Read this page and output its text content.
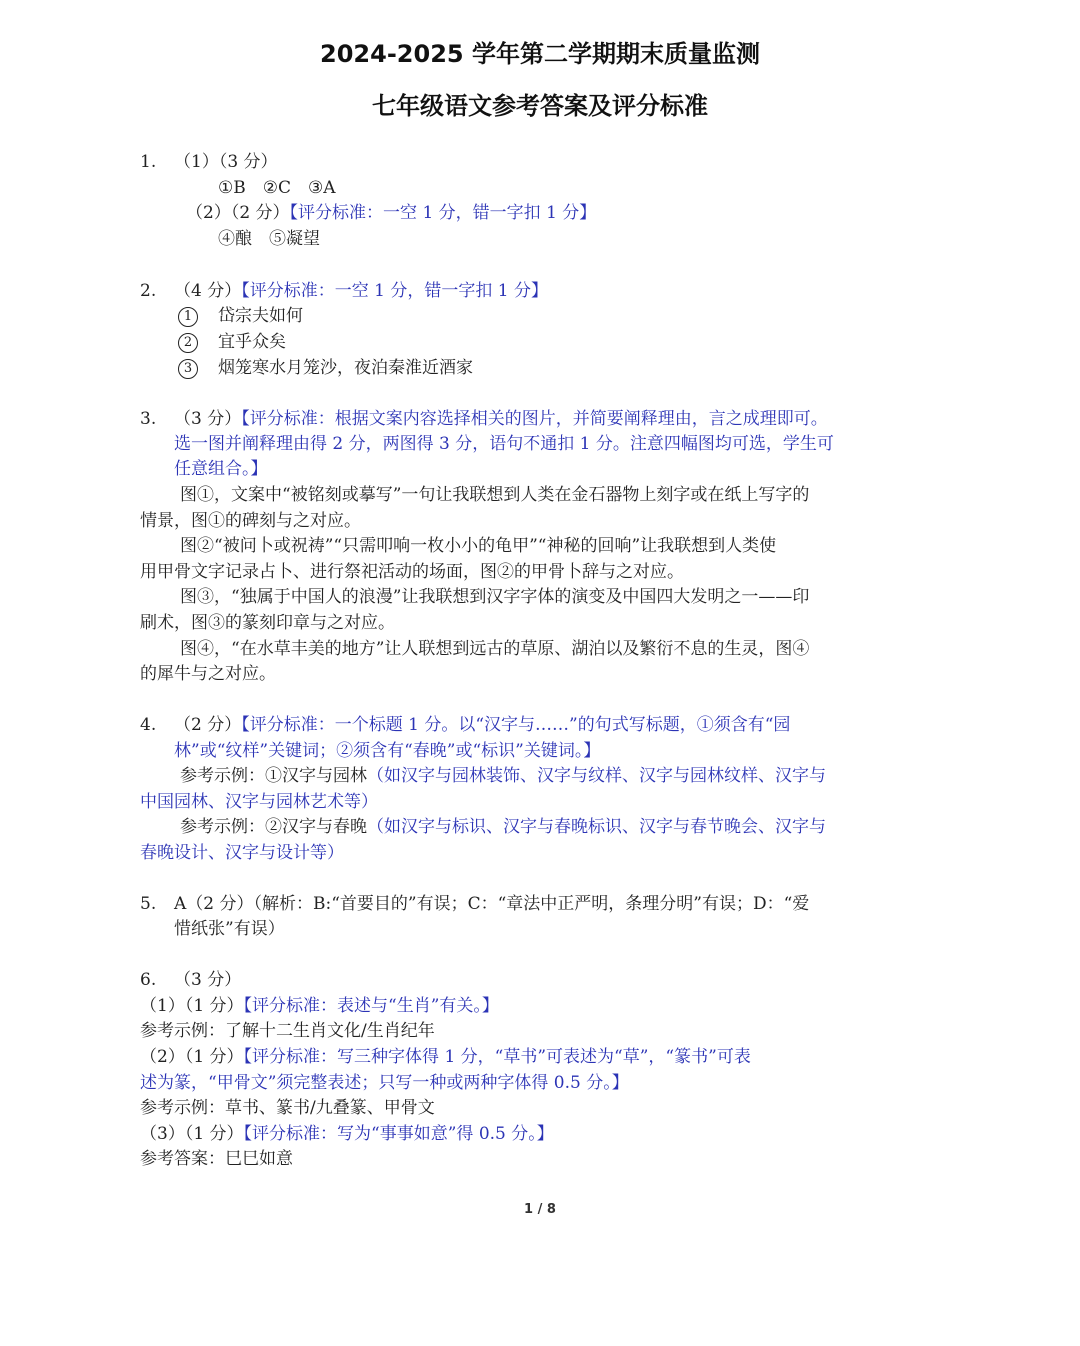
2024-2025 学年第二学期期末质量监测
七年级语文参考答案及评分标准
1. （1）（3 分）
①B　②C　③A
（2）（2 分）【评分标准：一空 1 分，错一字扣 1 分】
④酿　⑤凝望
2. （4 分）【评分标准：一空 1 分，错一字扣 1 分】
1 岱宗夫如何
2 宜乎众矣
3 烟笼寒水月笼沙，夜泊秦淮近酒家
3. （3 分）【评分标准：根据文案内容选择相关的图片，并简要阐释理由，言之成理即可。
选一图并阐释理由得 2 分，两图得 3 分，语句不通扣 1 分。注意四幅图均可选，学生可
任意组合。】
图①，文案中“被铭刻或摹写”一句让我联想到人类在金石器物上刻字或在纸上写字的
情景，图①的碑刻与之对应。
图②“被问卜或祝祷”“只需叩响一枚小小的龟甲”“神秘的回响”让我联想到人类使
用甲骨文字记录占卜、进行祭祀活动的场面，图②的甲骨卜辞与之对应。
图③，“独属于中国人的浪漫”让我联想到汉字字体的演变及中国四大发明之一——印
刷术，图③的篆刻印章与之对应。
图④，“在水草丰美的地方”让人联想到远古的草原、湖泊以及繁衍不息的生灵，图④
的犀牛与之对应。
4. （2 分）【评分标准：一个标题 1 分。以“汉字与……”的句式写标题，①须含有“园
林”或“纹样”关键词；②须含有“春晚”或“标识”关键词。】
参考示例：①汉字与园林（如汉字与园林装饰、汉字与纹样、汉字与园林纹样、汉字与
中国园林、汉字与园林艺术等）
参考示例：②汉字与春晚（如汉字与标识、汉字与春晚标识、汉字与春节晚会、汉字与
春晚设计、汉字与设计等）
5. A（2 分）（解析：B:“首要目的”有误；C：“章法中正严明，条理分明”有误；D：“爱
惜纸张”有误）
6. （3 分）
（1）（1 分）【评分标准：表述与“生肖”有关。】
参考示例：了解十二生肖文化/生肖纪年
（2）（1 分）【评分标准：写三种字体得 1 分，“草书”可表述为“草”，“篆书”可表
述为篆，“甲骨文”须完整表述；只写一种或两种字体得 0.5 分。】
参考示例：草书、篆书/九叠篆、甲骨文
（3）（1 分）【评分标准：写为“事事如意”得 0.5 分。】
参考答案：巳巳如意
1 / 8
